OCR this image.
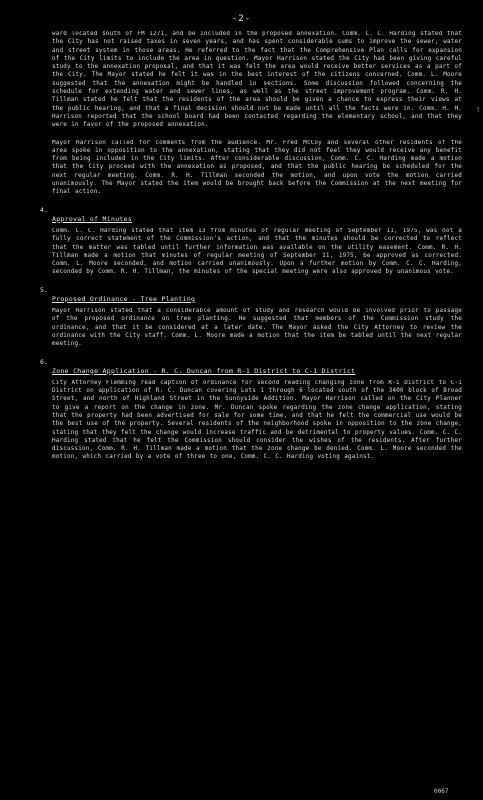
-2-
!

ward located south of FM 1271, and be included in the proposed annexation. Comm. C. C. Harding stated that the City has not raised taxes in seven years, and has spent considerable sums to improve the sewer, water and street system in those areas. He referred to the fact that the Comprehensive Plan calls for expansion of the City limits to include the area in question. Mayor Harrison stated the City had been giving careful study to the annexation proposal, and that it was felt the area would receive better services as a part of the City. The Mayor stated he felt it was in the best interest of the citizens concerned. Comm. L. Moore suggested that the annexation might be handled in sections. Some discussion followed concerning the schedule for extending water and sewer lines, as well as the street improvement program. Comm. R. H. Tillman stated he felt that the residents of the area should be given a chance to express their views at the public hearing, and that a final decision should not be made until all the facts were in. Comm. H. H. Harrison reported that the school board had been contacted regarding the elementary school, and that they were in favor of the proposed annexation.

Mayor Harrison called for comments from the audience. Mr. Fred McCoy and several other residents of the area spoke in opposition to the annexation, stating that they did not feel they would receive any benefit from being included in the City limits. After considerable discussion, Comm. C. C. Harding made a motion that the City proceed with the annexation as proposed, and that the public hearing be scheduled for the next regular meeting. Comm. R. H. Tillman seconded the motion, and upon vote the motion carried unanimously. The Mayor stated the item would be brought back before the Commission at the next meeting for final action.

4.
Approval of Minutes

Comm. C. C. Harding stated that item 13 from minutes of regular meeting of September 11, 1975, was not a fully correct statement of the Commission's action, and that the minutes should be corrected to reflect that the matter was tabled until further information was available on the utility easement. Comm. R. H. Tillman made a motion that minutes of regular meeting of September 11, 1975, be approved as corrected. Comm. L. Moore seconded, and motion carried unanimously. Upon a further motion by Comm. C. C. Harding, seconded by Comm. R. H. Tillman, the minutes of the special meeting were also approved by unanimous vote.

5.
Proposed Ordinance - Tree Planting

Mayor Harrison stated that a considerable amount of study and research would be involved prior to passage of the proposed ordinance on tree planting. He suggested that members of the Commission study the ordinance, and that it be considered at a later date. The Mayor asked the City Attorney to review the ordinance with the City staff. Comm. L. Moore made a motion that the item be tabled until the next regular meeting.

6.
Zone Change Application - R. C. Duncan from R-1 District to C-1 District

City Attorney Flemming read caption of ordinance for second reading changing zone from R-1 District to C-1 District on application of R. C. Duncan covering Lots 1 through 6 located south of the 3400 block of Broad Street, and north of Highland Street in the Sunnyside Addition. Mayor Harrison called on the City Planner to give a report on the change in zone. Mr. Duncan spoke regarding the zone change application, stating that the property had been advertised for sale for some time, and that he felt the commercial use would be the best use of the property. Several residents of the neighborhood spoke in opposition to the zone change, stating that they felt the change would increase traffic and be detrimental to property values. Comm. C. C. Harding stated that he felt the Commission should consider the wishes of the residents. After further discussion, Comm. R. H. Tillman made a motion that the zone change be denied. Comm. L. Moore seconded the motion, which carried by a vote of three to one, Comm. C. C. Harding voting against.

0067
